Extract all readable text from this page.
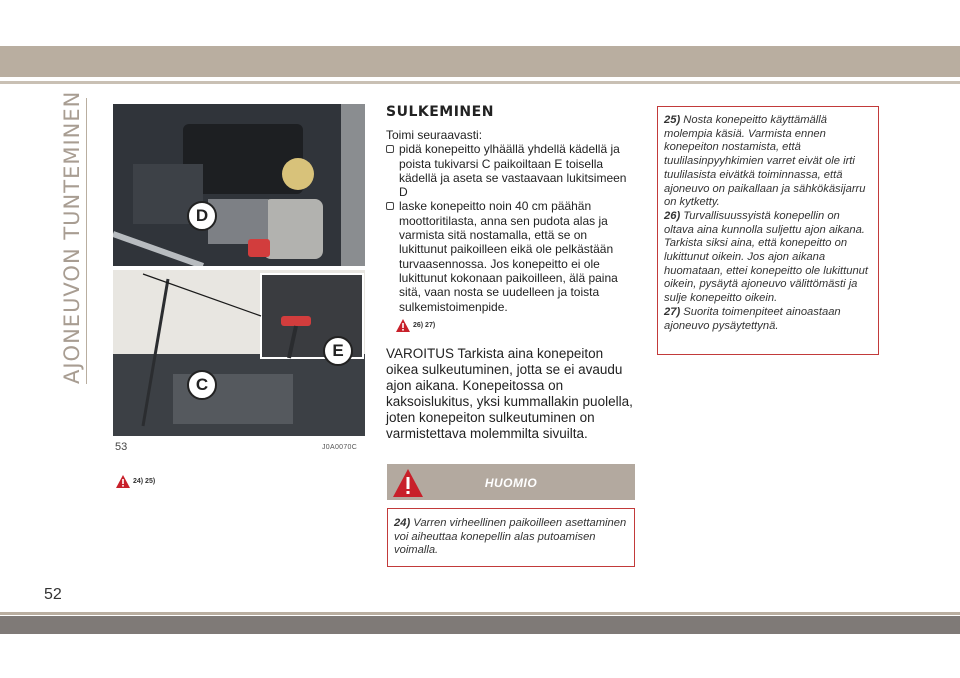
AJONEUVON TUNTEMINEN
52
D
E
C
53	J0A0070C
24) 25)
SULKEMINEN

Toimi seuraavasti:

pidä konepeitto ylhäällä yhdellä kädellä ja poista tukivarsi C paikoiltaan E toisella kädellä ja aseta se vastaavaan lukitsimeen D
laske konepeitto noin 40 cm päähän moottoritilasta, anna sen pudota alas ja varmista sitä nostamalla, että se on lukittunut paikoilleen eikä ole pelkästään turvaasennossa. Jos konepeitto ei ole lukittunut kokonaan paikoilleen, älä paina sitä, vaan nosta se uudelleen ja toista sulkemistoimenpide.
26) 27)
VAROITUS Tarkista aina konepeiton oikea sulkeutuminen, jotta se ei avaudu ajon aikana. Konepeitossa on kaksoislukitus, yksi kummallakin puolella, joten konepeiton sulkeutuminen on varmistettava molemmilta sivuilta.
HUOMIO
24) Varren virheellinen paikoilleen asettaminen voi aiheuttaa konepellin alas putoamisen voimalla.
25) Nosta konepeitto käyttämällä molempia käsiä. Varmista ennen konepeiton nostamista, että tuulilasinpyyhkimien varret eivät ole irti tuulilasista eivätkä toiminnassa, että ajoneuvo on paikallaan ja sähkökäsijarru on kytketty.
26) Turvallisuussyistä konepellin on oltava aina kunnolla suljettu ajon aikana. Tarkista siksi aina, että konepeitto on lukittunut oikein. Jos ajon aikana huomataan, ettei konepeitto ole lukittunut oikein, pysäytä ajoneuvo välittömästi ja sulje konepeitto oikein.
27) Suorita toimenpiteet ainoastaan ajoneuvo pysäytettynä.
